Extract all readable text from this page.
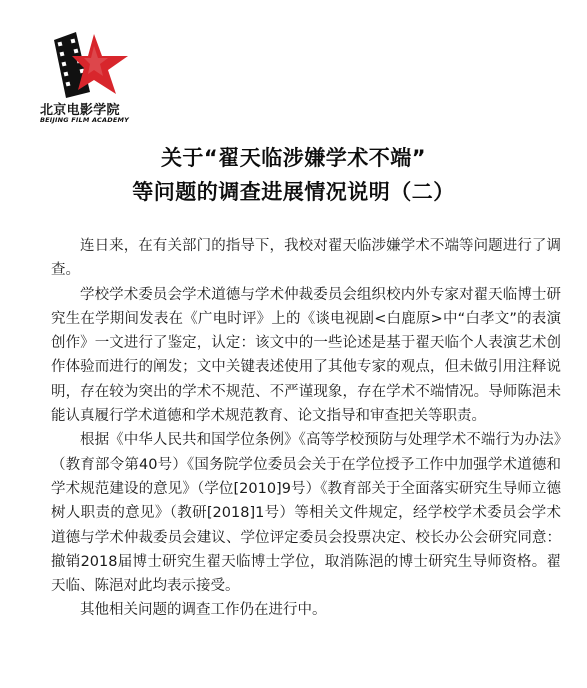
北京电影学院
BEIJING FILM ACADEMY
关于“翟天临涉嫌学术不端”
等问题的调查进展情况说明（二）

连日来，在有关部门的指导下，我校对翟天临涉嫌学术不端等问题进行了调查。

学校学术委员会学术道德与学术仲裁委员会组织校内外专家对翟天临博士研究生在学期间发表在《广电时评》上的《谈电视剧<白鹿原>中“白孝文”的表演创作》一文进行了鉴定，认定：该文中的一些论述是基于翟天临个人表演艺术创作体验而进行的阐发；文中关键表述使用了其他专家的观点，但未做引用注释说明，存在较为突出的学术不规范、不严谨现象，存在学术不端情况。导师陈浥未能认真履行学术道德和学术规范教育、论文指导和审查把关等职责。

根据《中华人民共和国学位条例》《高等学校预防与处理学术不端行为办法》（教育部令第40号）《国务院学位委员会关于在学位授予工作中加强学术道德和学术规范建设的意见》（学位[2010]9号）《教育部关于全面落实研究生导师立德树人职责的意见》（教研[2018]1号）等相关文件规定，经学校学术委员会学术道德与学术仲裁委员会建议、学位评定委员会投票决定、校长办公会研究同意：撤销2018届博士研究生翟天临博士学位，取消陈浥的博士研究生导师资格。翟天临、陈浥对此均表示接受。

其他相关问题的调查工作仍在进行中。
